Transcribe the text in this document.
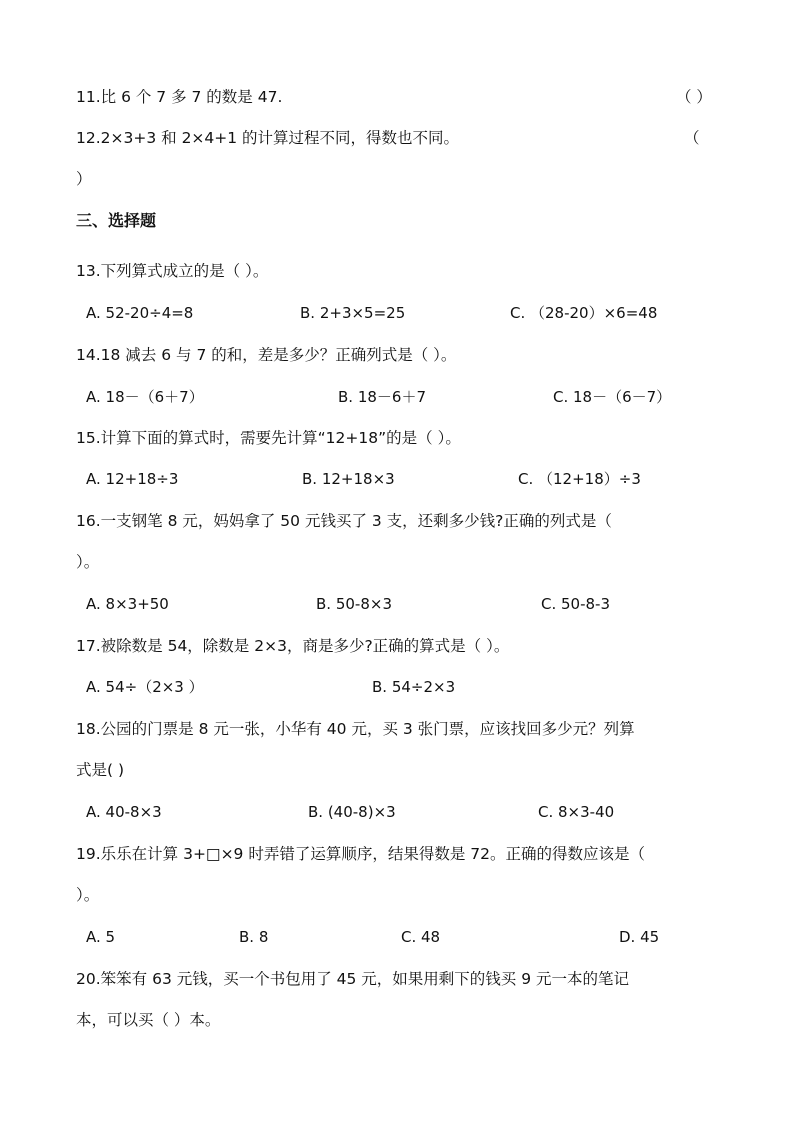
11.比 6 个 7 多 7 的数是 47.	（ ）
12.2×3+3 和 2×4+1 的计算过程不同，得数也不同。	（
）
三、选择题
13.下列算式成立的是（ ）。
A. 52-20÷4=8	B. 2+3×5=25	C. （28-20）×6=48
14.18 减去 6 与 7 的和，差是多少？正确列式是（ ）。
A. 18－（6＋7）	B. 18－6＋7	C. 18－（6－7）
15.计算下面的算式时，需要先计算“12+18”的是（ ）。
A. 12+18÷3	B. 12+18×3	C. （12+18）÷3
16.一支钢笔 8 元，妈妈拿了 50 元钱买了 3 支，还剩多少钱?正确的列式是（
）。
A. 8×3+50	B. 50-8×3	C. 50-8-3
17.被除数是 54，除数是 2×3，商是多少?正确的算式是（ ）。
A. 54÷（2×3 ）	B. 54÷2×3
18.公园的门票是 8 元一张，小华有 40 元，买 3 张门票，应该找回多少元？列算
式是( )
A. 40-8×3	B. (40-8)×3	C. 8×3-40
19.乐乐在计算 3+□×9 时弄错了运算顺序，结果得数是 72。正确的得数应该是（
）。
A. 5	B. 8	C. 48	D. 45
20.笨笨有 63 元钱，买一个书包用了 45 元，如果用剩下的钱买 9 元一本的笔记
本，可以买（ ）本。
